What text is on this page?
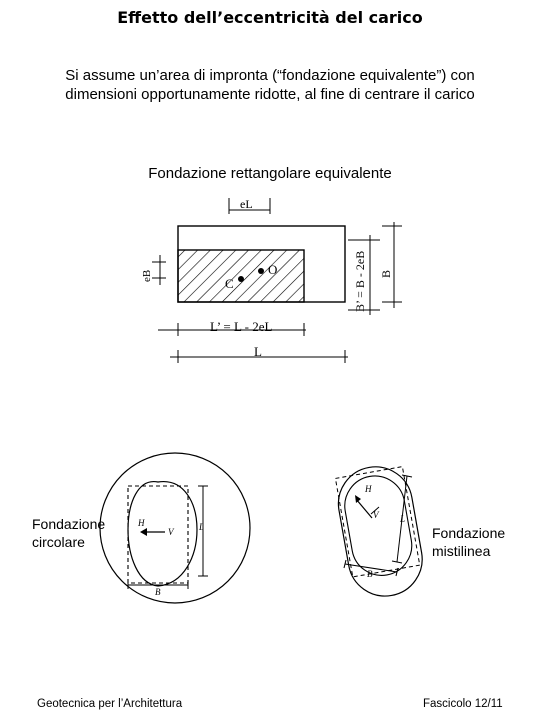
Effetto dell’eccentricità del carico
Si assume un’area di impronta (“fondazione equivalente”) con
dimensioni opportunamente ridotte, al fine di centrare il carico
Fondazione rettangolare equivalente
eL
C
O
eB	B’ = B - 2eB B
L’ = L - 2eL
L
Fondazione
circolare
H
V	L
B
Fondazione
mistilinea
H
V L
B
Geotecnica per l’Architettura	Fascicolo 12/11
